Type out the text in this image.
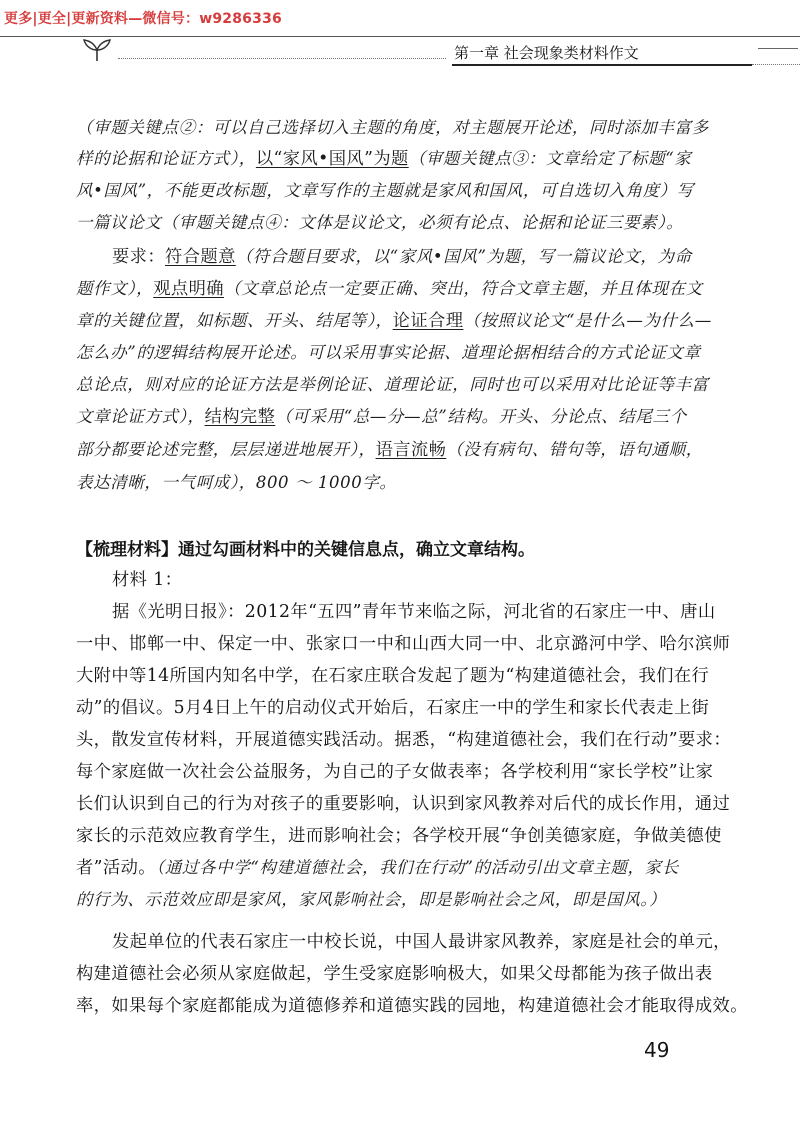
更多|更全|更新资料—微信号：w9286336
第一章 社会现象类材料作文
（审题关键点②：可以自己选择切入主题的角度，对主题展开论述，同时添加丰富多
样的论据和论证方式），以“家风•国风”为题（审题关键点③：文章给定了标题“家
风•国风”，不能更改标题，文章写作的主题就是家风和国风，可自选切入角度）写
一篇议论文（审题关键点④：文体是议论文，必须有论点、论据和论证三要素）。
要求：符合题意（符合题目要求，以“家风•国风”为题，写一篇议论文，为命
题作文），观点明确（文章总论点一定要正确、突出，符合文章主题，并且体现在文
章的关键位置，如标题、开头、结尾等），论证合理（按照议论文“是什么—为什么—
怎么办”的逻辑结构展开论述。可以采用事实论据、道理论据相结合的方式论证文章
总论点，则对应的论证方法是举例论证、道理论证，同时也可以采用对比论证等丰富
文章论证方式），结构完整（可采用“总—分—总”结构。开头、分论点、结尾三个
部分都要论述完整，层层递进地展开），语言流畅（没有病句、错句等，语句通顺，
表达清晰，一气呵成），800 ～ 1000字。
【梳理材料】通过勾画材料中的关键信息点，确立文章结构。
材料 1：
据《光明日报》：2012年“五四”青年节来临之际，河北省的石家庄一中、唐山
一中、邯郸一中、保定一中、张家口一中和山西大同一中、北京潞河中学、哈尔滨师
大附中等14所国内知名中学，在石家庄联合发起了题为“构建道德社会，我们在行
动”的倡议。5月4日上午的启动仪式开始后，石家庄一中的学生和家长代表走上街
头，散发宣传材料，开展道德实践活动。据悉，“构建道德社会，我们在行动”要求：
每个家庭做一次社会公益服务，为自己的子女做表率；各学校利用“家长学校”让家
长们认识到自己的行为对孩子的重要影响，认识到家风教养对后代的成长作用，通过
家长的示范效应教育学生，进而影响社会；各学校开展“争创美德家庭，争做美德使
者”活动。（通过各中学“构建道德社会，我们在行动”的活动引出文章主题，家长
的行为、示范效应即是家风，家风影响社会，即是影响社会之风，即是国风。）
发起单位的代表石家庄一中校长说，中国人最讲家风教养，家庭是社会的单元，
构建道德社会必须从家庭做起，学生受家庭影响极大，如果父母都能为孩子做出表
率，如果每个家庭都能成为道德修养和道德实践的园地，构建道德社会才能取得成效。
49
